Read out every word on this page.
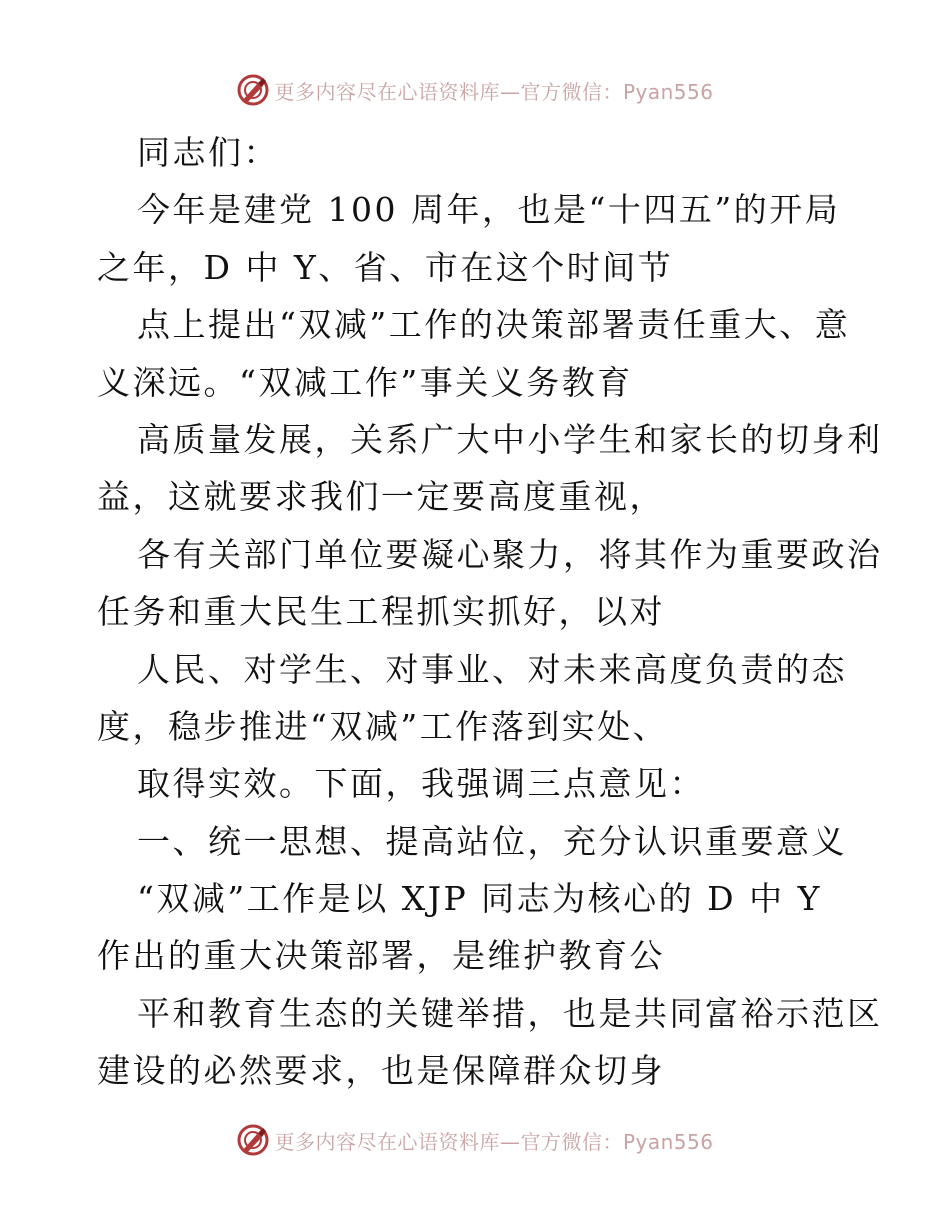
更多内容尽在心语资料库—官方微信：Pyan556
同志们：
今年是建党 100 周年，也是“十四五”的开局
之年，D 中 Y、省、市在这个时间节
点上提出“双减”工作的决策部署责任重大、意
义深远。“双减工作”事关义务教育
高质量发展，关系广大中小学生和家长的切身利
益，这就要求我们一定要高度重视，
各有关部门单位要凝心聚力，将其作为重要政治
任务和重大民生工程抓实抓好，以对
人民、对学生、对事业、对未来高度负责的态
度，稳步推进“双减”工作落到实处、
取得实效。下面，我强调三点意见：
一、统一思想、提高站位，充分认识重要意义
“双减”工作是以 XJP 同志为核心的 D 中 Y
作出的重大决策部署，是维护教育公
平和教育生态的关键举措，也是共同富裕示范区
建设的必然要求，也是保障群众切身
更多内容尽在心语资料库—官方微信：Pyan556
